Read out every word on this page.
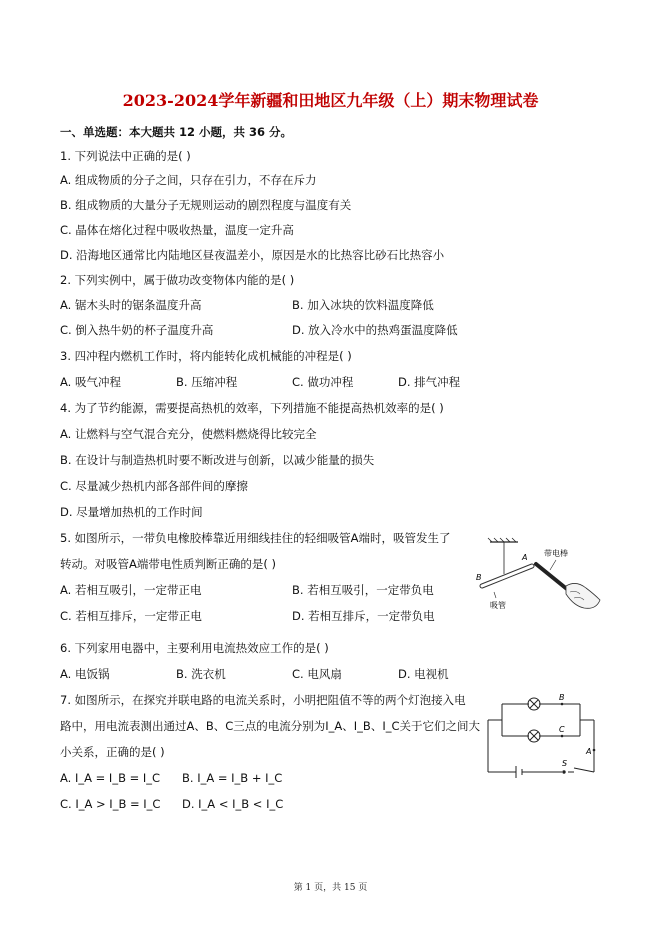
2023-2024学年新疆和田地区九年级（上）期末物理试卷
一、单选题：本大题共 12 小题，共 36 分。
1. 下列说法中正确的是( )
A. 组成物质的分子之间，只存在引力，不存在斥力
B. 组成物质的大量分子无规则运动的剧烈程度与温度有关
C. 晶体在熔化过程中吸收热量，温度一定升高
D. 沿海地区通常比内陆地区昼夜温差小，原因是水的比热容比砂石比热容小
2. 下列实例中，属于做功改变物体内能的是( )
A. 锯木头时的锯条温度升高	B. 加入冰块的饮料温度降低
C. 倒入热牛奶的杯子温度升高	D. 放入冷水中的热鸡蛋温度降低
3. 四冲程内燃机工作时，将内能转化成机械能的冲程是( )
A. 吸气冲程	B. 压缩冲程	C. 做功冲程	D. 排气冲程
4. 为了节约能源，需要提高热机的效率，下列措施不能提高热机效率的是( )
A. 让燃料与空气混合充分，使燃料燃烧得比较完全
B. 在设计与制造热机时要不断改进与创新，以减少能量的损失
C. 尽量减少热机内部各部件间的摩擦
D. 尽量增加热机的工作时间
5. 如图所示，一带负电橡胶棒靠近用细线挂住的轻细吸管A端时，吸管发生了
转动。对吸管A端带电性质判断正确的是( )
A. 若相互吸引，一定带正电	B. 若相互吸引，一定带负电
C. 若相互排斥，一定带正电	D. 若相互排斥，一定带负电
B
A
吸管
带电棒
6. 下列家用电器中，主要利用电流热效应工作的是( )
A. 电饭锅	B. 洗衣机	C. 电风扇	D. 电视机
7. 如图所示，在探究并联电路的电流关系时，小明把阻值不等的两个灯泡接入电
路中，用电流表测出通过A、B、C三点的电流分别为I_A、I_B、I_C关于它们之间大
小关系，正确的是( )
A. I_A = I_B = I_C B. I_A = I_B + I_C
C. I_A > I_B = I_C D. I_A < I_B < I_C
B
C
A
S
第 1 页，共 15 页
